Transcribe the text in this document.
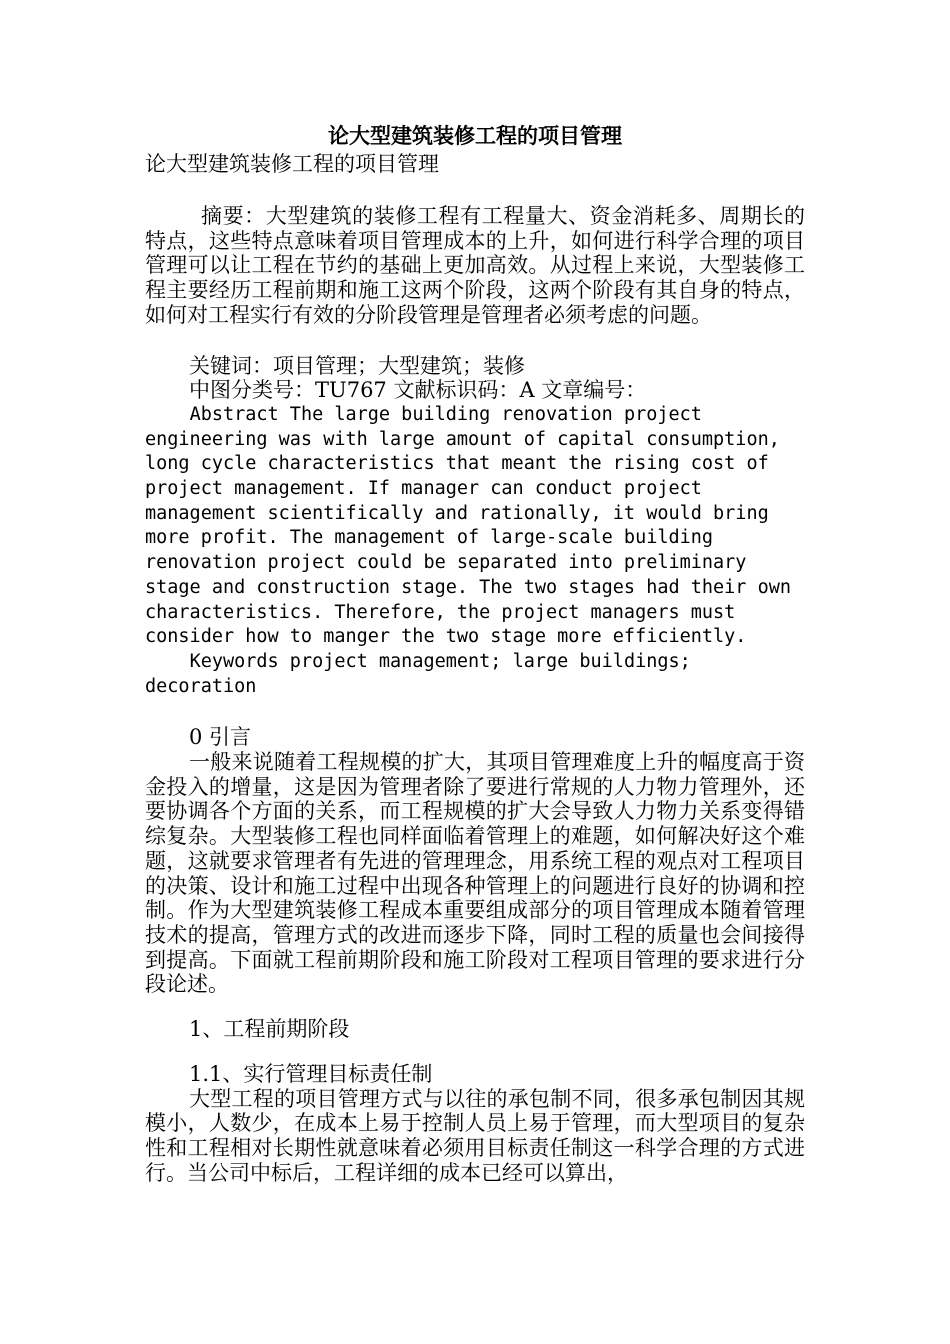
论大型建筑装修工程的项目管理
论大型建筑装修工程的项目管理

摘要：大型建筑的装修工程有工程量大、资金消耗多、周期长的特点，这些特点意味着项目管理成本的上升，如何进行科学合理的项目管理可以让工程在节约的基础上更加高效。从过程上来说，大型装修工程主要经历工程前期和施工这两个阶段，这两个阶段有其自身的特点，如何对工程实行有效的分阶段管理是管理者必须考虑的问题。

关键词：项目管理；大型建筑；装修

中图分类号：TU767 文献标识码：A 文章编号：

Abstract The large building renovation project
engineering was with large amount of capital consumption,
long cycle characteristics that meant the rising cost of
project management. If manager can conduct project
management scientifically and rationally, it would bring
more profit. The management of large-scale building
renovation project could be separated into preliminary
stage and construction stage. The two stages had their own
characteristics. Therefore, the project managers must
consider how to manger the two stage more efficiently.

Keywords project management; large buildings;
decoration

0 引言

一般来说随着工程规模的扩大，其项目管理难度上升的幅度高于资金投入的增量，这是因为管理者除了要进行常规的人力物力管理外，还要协调各个方面的关系，而工程规模的扩大会导致人力物力关系变得错综复杂。大型装修工程也同样面临着管理上的难题，如何解决好这个难题，这就要求管理者有先进的管理理念，用系统工程的观点对工程项目的决策、设计和施工过程中出现各种管理上的问题进行良好的协调和控制。作为大型建筑装修工程成本重要组成部分的项目管理成本随着管理技术的提高，管理方式的改进而逐步下降，同时工程的质量也会间接得到提高。下面就工程前期阶段和施工阶段对工程项目管理的要求进行分段论述。

1、工程前期阶段

1.1、实行管理目标责任制

大型工程的项目管理方式与以往的承包制不同，很多承包制因其规模小，人数少，在成本上易于控制人员上易于管理，而大型项目的复杂性和工程相对长期性就意味着必须用目标责任制这一科学合理的方式进行。当公司中标后，工程详细的成本已经可以算出，
